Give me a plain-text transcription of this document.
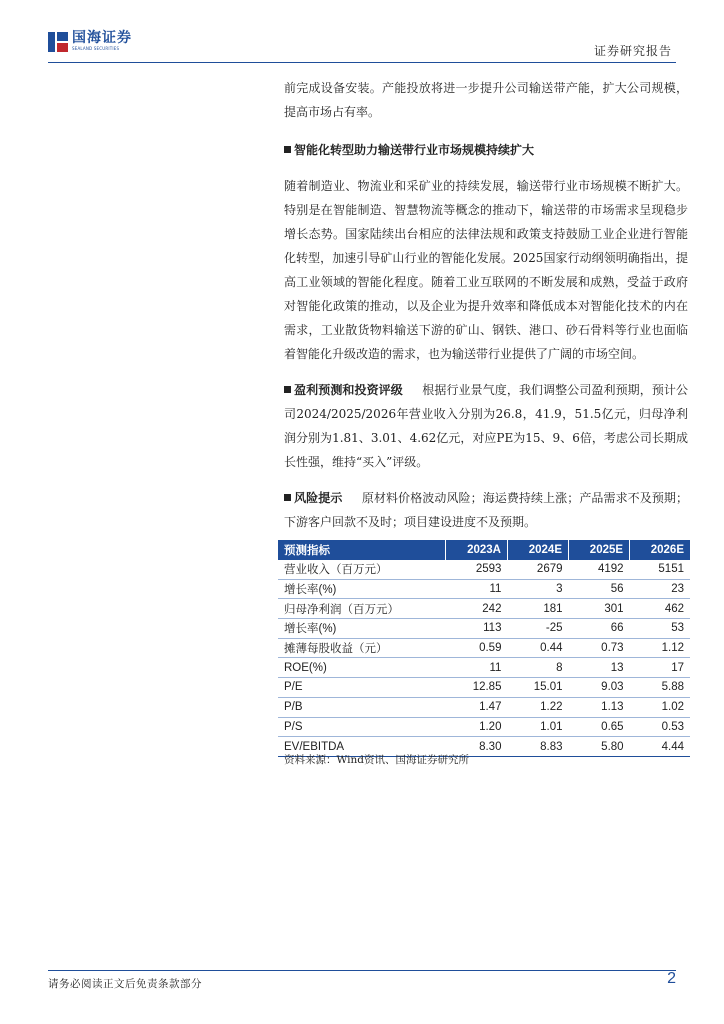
国海证券
SEALAND SECURITIES	证券研究报告

前完成设备安装。产能投放将进一步提升公司输送带产能，扩大公司规模，提高市场占有率。

智能化转型助力输送带行业市场规模持续扩大

随着制造业、物流业和采矿业的持续发展，输送带行业市场规模不断扩大。特别是在智能制造、智慧物流等概念的推动下，输送带的市场需求呈现稳步增长态势。国家陆续出台相应的法律法规和政策支持鼓励工业企业进行智能化转型，加速引导矿山行业的智能化发展。2025国家行动纲领明确指出，提高工业领域的智能化程度。随着工业互联网的不断发展和成熟，受益于政府对智能化政策的推动，以及企业为提升效率和降低成本对智能化技术的内在需求，工业散货物料输送下游的矿山、钢铁、港口、砂石骨料等行业也面临着智能化升级改造的需求，也为输送带行业提供了广阔的市场空间。

盈利预测和投资评级 根据行业景气度，我们调整公司盈利预期，预计公司2024/2025/2026年营业收入分别为26.8，41.9，51.5亿元，归母净利润分别为1.81、3.01、4.62亿元，对应PE为15、9、6倍，考虑公司长期成长性强，维持“买入”评级。

风险提示 原材料价格波动风险；海运费持续上涨；产品需求不及预期；下游客户回款不及时；项目建设进度不及预期。

预测指标	2023A	2024E	2025E	2026E
营业收入（百万元）	2593	2679	4192	5151
增长率(%)	11	3	56	23
归母净利润（百万元）	242	181	301	462
增长率(%)	113	-25	66	53
摊薄每股收益（元）	0.59	0.44	0.73	1.12
ROE(%)	11	8	13	17
P/E	12.85	15.01	9.03	5.88
P/B	1.47	1.22	1.13	1.02
P/S	1.20	1.01	0.65	0.53
EV/EBITDA	8.30	8.83	5.80	4.44
资料来源：Wind资讯、国海证券研究所
请务必阅读正文后免责条款部分	2
